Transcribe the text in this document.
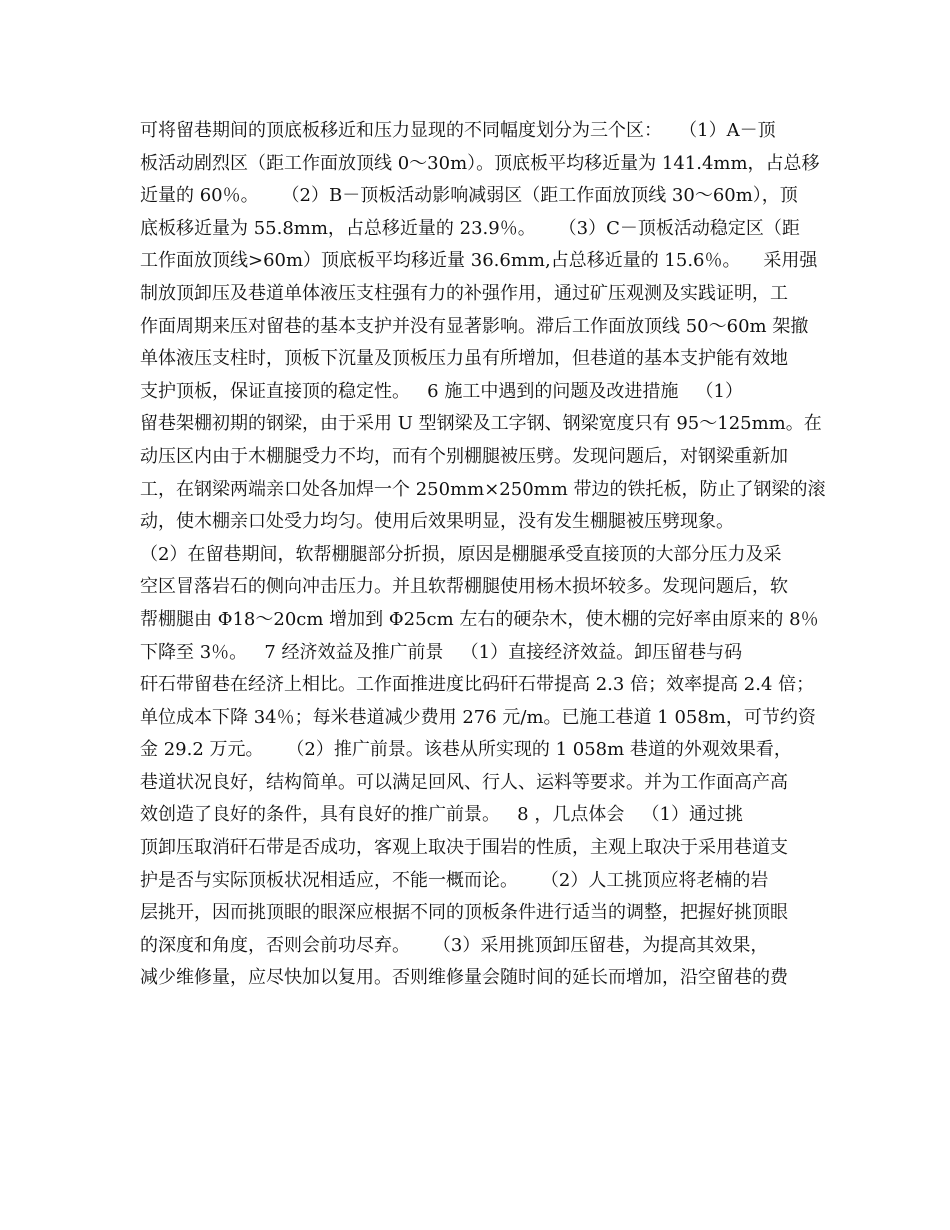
可将留巷期间的顶底板移近和压力显现的不同幅度划分为三个区：   （1）A－顶
板活动剧烈区（距工作面放顶线 0～30m）。顶底板平均移近量为 141.4mm，占总移
近量的 60％。    （2）B－顶板活动影响减弱区（距工作面放顶线 30～60m），顶
底板移近量为 55.8mm，占总移近量的 23.9％。    （3）C－顶板活动稳定区（距
工作面放顶线>60m）顶底板平均移近量 36.6mm,占总移近量的 15.6％。    采用强
制放顶卸压及巷道单体液压支柱强有力的补强作用，通过矿压观测及实践证明，工
作面周期来压对留巷的基本支护并没有显著影响。滞后工作面放顶线 50～60m 架撤
单体液压支柱时，顶板下沉量及顶板压力虽有所增加，但巷道的基本支护能有效地
支护顶板，保证直接顶的稳定性。   6 施工中遇到的问题及改进措施   （1）
留巷架棚初期的钢梁，由于采用 U 型钢梁及工字钢、钢梁宽度只有 95～125mm。在
动压区内由于木棚腿受力不均，而有个别棚腿被压劈。发现问题后，对钢梁重新加
工，在钢梁两端亲口处各加焊一个 250mm×250mm 带边的铁托板，防止了钢梁的滚
动，使木棚亲口处受力均匀。使用后效果明显，没有发生棚腿被压劈现象。
（2）在留巷期间，软帮棚腿部分折损，原因是棚腿承受直接顶的大部分压力及采
空区冒落岩石的侧向冲击压力。并且软帮棚腿使用杨木损坏较多。发现问题后，软
帮棚腿由 Φ18～20cm 增加到 Φ25cm 左右的硬杂木，使木棚的完好率由原来的 8％
下降至 3％。   7 经济效益及推广前景   （1）直接经济效益。卸压留巷与码
矸石带留巷在经济上相比。工作面推进度比码矸石带提高 2.3 倍；效率提高 2.4 倍；
单位成本下降 34％；每米巷道减少费用 276 元/m。已施工巷道 1 058m，可节约资
金 29.2 万元。    （2）推广前景。该巷从所实现的 1 058m 巷道的外观效果看，
巷道状况良好，结构简单。可以满足回风、行人、运料等要求。并为工作面高产高
效创造了良好的条件，具有良好的推广前景。   8 ，几点体会   （1）通过挑
顶卸压取消矸石带是否成功，客观上取决于围岩的性质，主观上取决于采用巷道支
护是否与实际顶板状况相适应，不能一概而论。    （2）人工挑顶应将老楠的岩
层挑开，因而挑顶眼的眼深应根据不同的顶板条件进行适当的调整，把握好挑顶眼
的深度和角度，否则会前功尽弃。    （3）采用挑顶卸压留巷，为提高其效果，
减少维修量，应尽快加以复用。否则维修量会随时间的延长而增加，沿空留巷的费
